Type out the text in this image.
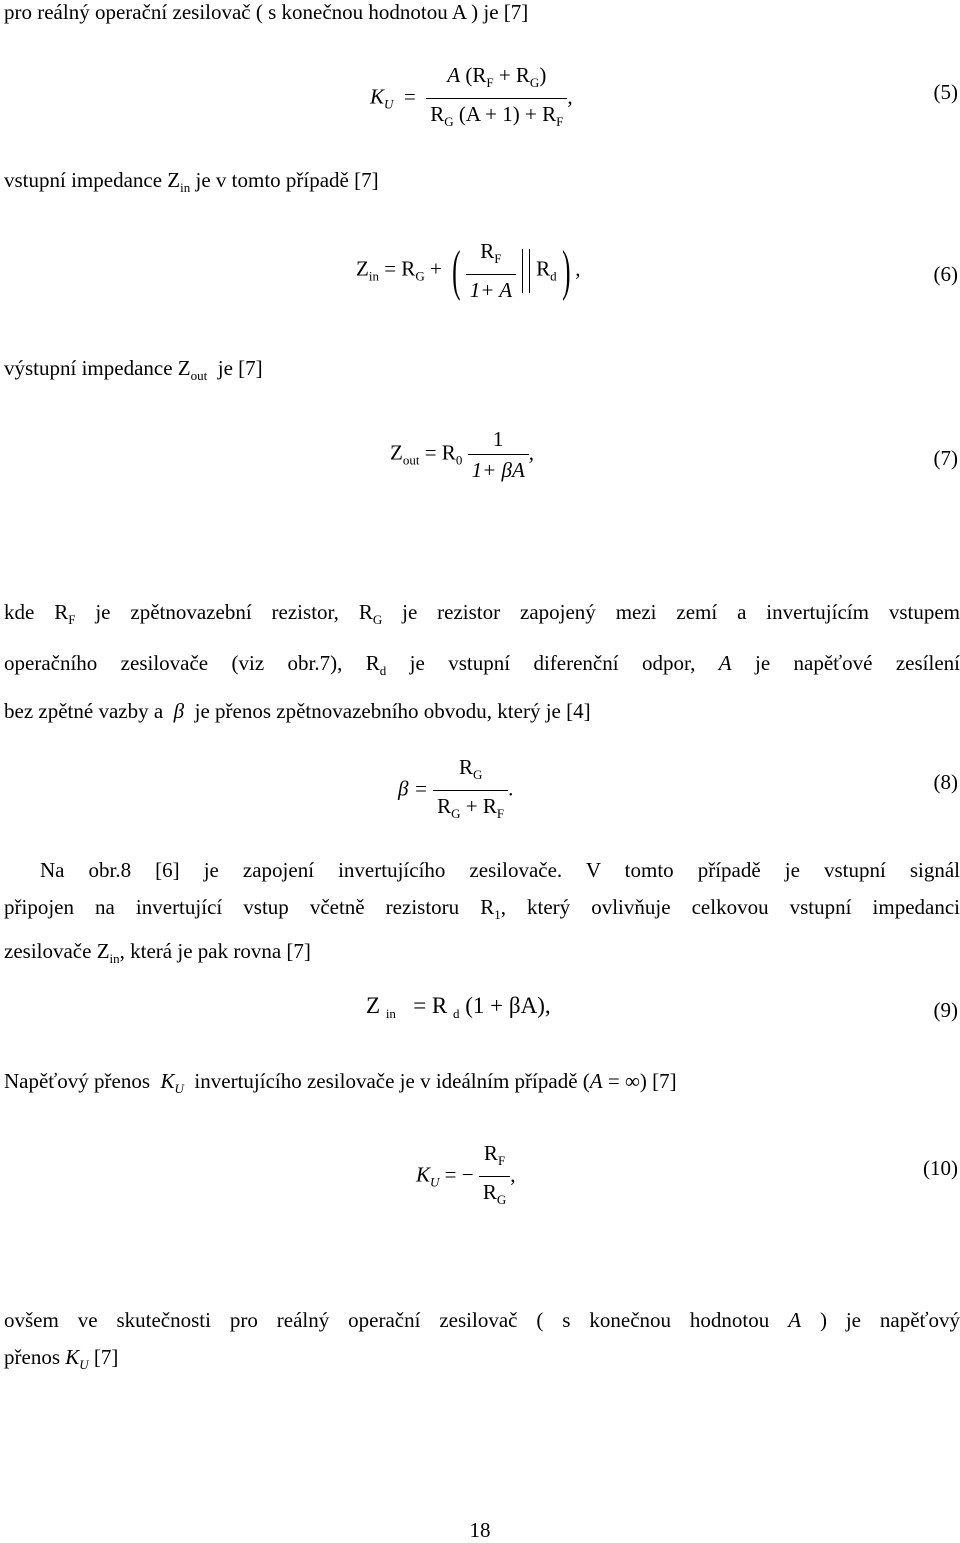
pro reálný operační zesilovač ( s konečnou hodnotou A ) je [7]
$K_U = \frac{A (R_F + R_G)}{R_G (A + 1) + R_F}$ ,	(5)
vstupní impedance $Z_{in}$ je v tomto případě [7]
$Z_{in} = R_G$ + ( $\frac{R_F}{1+ A} R_d$) ,	(6)
výstupní impedance $Z_{out}$ je [7]
$Z_{out} = R_0 \frac{1}{1+ \beta A}$ ,	(7)
kde $R_F$ je zpětnovazební rezistor, $R_G$ je rezistor zapojený mezi zemí a invertujícím vstupem
operačního zesilovače (viz obr.7), $R_d$ je vstupní diferenční odpor, A je napěťové zesílení
bez zpětné vazby a β je přenos zpětnovazebního obvodu, který je [4]
$\beta = \frac{R_G}{R_G + R_F}$ .	(8)
Na obr.8 [6] je zapojení invertujícího zesilovače. V tomto případě je vstupní signál
připojen na invertující vstup včetně rezistoru $R_1$, který ovlivňuje celkovou vstupní impedanci
zesilovače $Z_{in}$, která je pak rovna [7]
Z $_{in}$ = R $_d$ (1 + βA),	(9)
Napěťový přenos $K_U$ invertujícího zesilovače je v ideálním případě (A = ∞) [7]
$K_U$ = − $\frac{R_F}{R_G}$ ,	(10)
ovšem ve skutečnosti pro reálný operační zesilovač ( s konečnou hodnotou A ) je napěťový
přenos $K_U$ [7]
18
